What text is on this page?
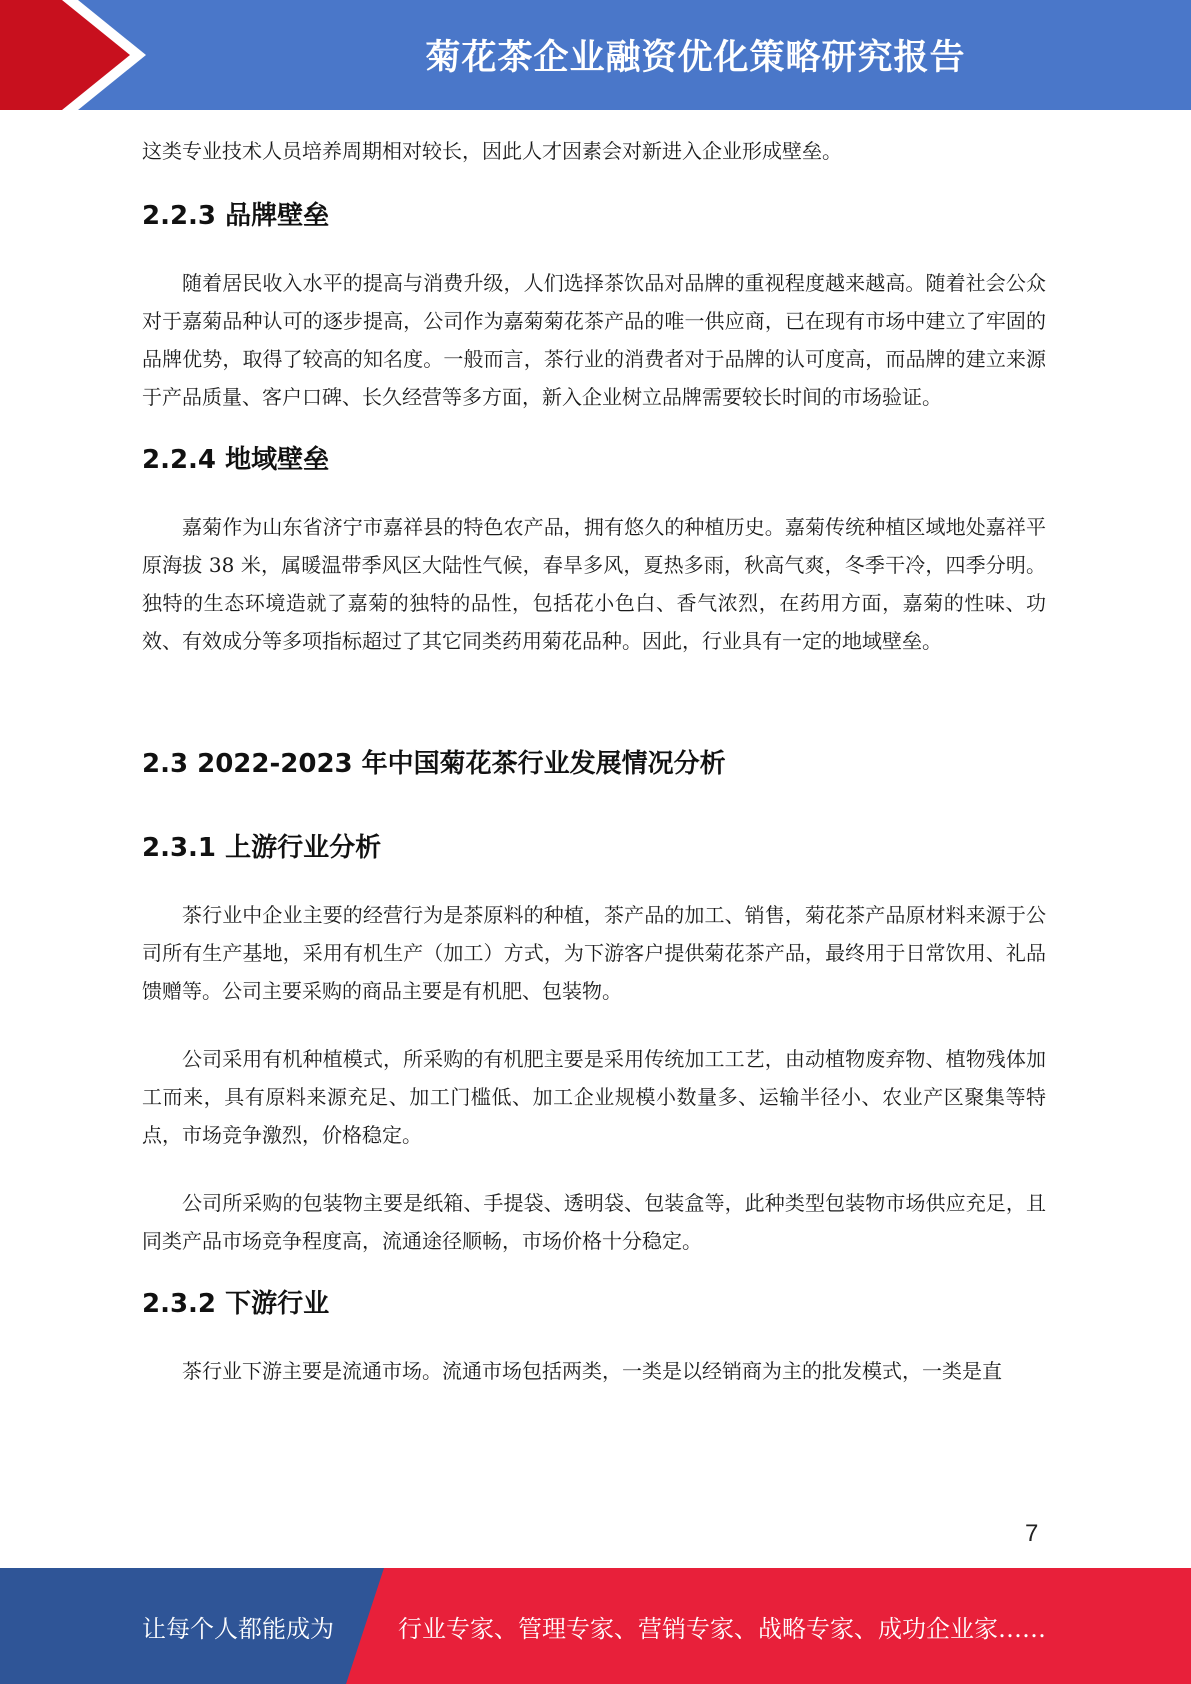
菊花茶企业融资优化策略研究报告

这类专业技术人员培养周期相对较长，因此人才因素会对新进入企业形成壁垒。

2.2.3 品牌壁垒

随着居民收入水平的提高与消费升级，人们选择茶饮品对品牌的重视程度越来越高。随着社会公众对于嘉菊品种认可的逐步提高，公司作为嘉菊菊花茶产品的唯一供应商，已在现有市场中建立了牢固的品牌优势，取得了较高的知名度。一般而言，茶行业的消费者对于品牌的认可度高，而品牌的建立来源于产品质量、客户口碑、长久经营等多方面，新入企业树立品牌需要较长时间的市场验证。

2.2.4 地域壁垒

嘉菊作为山东省济宁市嘉祥县的特色农产品，拥有悠久的种植历史。嘉菊传统种植区域地处嘉祥平原海拔 38 米，属暖温带季风区大陆性气候，春旱多风，夏热多雨，秋高气爽，冬季干冷，四季分明。独特的生态环境造就了嘉菊的独特的品性，包括花小色白、香气浓烈，在药用方面，嘉菊的性味、功效、有效成分等多项指标超过了其它同类药用菊花品种。因此，行业具有一定的地域壁垒。

2.3 2022-2023 年中国菊花茶行业发展情况分析
2.3.1 上游行业分析

茶行业中企业主要的经营行为是茶原料的种植，茶产品的加工、销售，菊花茶产品原材料来源于公司所有生产基地，采用有机生产（加工）方式，为下游客户提供菊花茶产品，最终用于日常饮用、礼品馈赠等。公司主要采购的商品主要是有机肥、包装物。

公司采用有机种植模式，所采购的有机肥主要是采用传统加工工艺，由动植物废弃物、植物残体加工而来，具有原料来源充足、加工门槛低、加工企业规模小数量多、运输半径小、农业产区聚集等特点，市场竞争激烈，价格稳定。

公司所采购的包装物主要是纸箱、手提袋、透明袋、包装盒等，此种类型包装物市场供应充足，且同类产品市场竞争程度高，流通途径顺畅，市场价格十分稳定。

2.3.2 下游行业

茶行业下游主要是流通市场。流通市场包括两类，一类是以经销商为主的批发模式，一类是直

7
让每个人都能成为	行业专家、管理专家、营销专家、战略专家、成功企业家……
